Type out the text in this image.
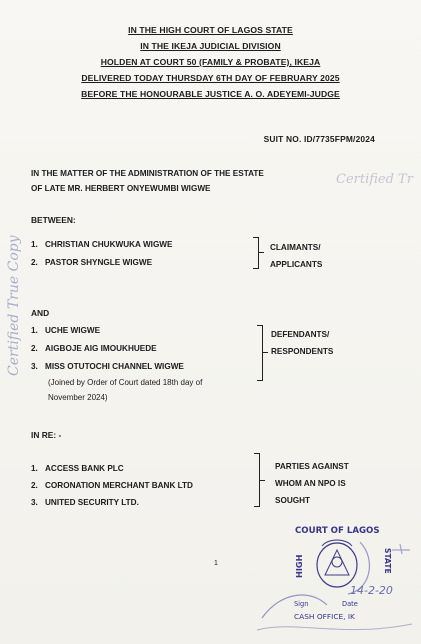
IN THE HIGH COURT OF LAGOS STATE
IN THE IKEJA JUDICIAL DIVISION
HOLDEN AT COURT 50 (FAMILY & PROBATE), IKEJA
DELIVERED TODAY THURSDAY 6TH DAY OF FEBRUARY 2025
BEFORE THE HONOURABLE JUSTICE A. O. ADEYEMI-JUDGE
SUIT NO. ID/7735FPM/2024
IN THE MATTER OF THE ADMINISTRATION OF THE ESTATE
OF LATE MR. HERBERT ONYEWUMBI WIGWE
Certified Tr
BETWEEN:
1. CHRISTIAN CHUKWUKA WIGWE
2. PASTOR SHYNGLE WIGWE
CLAIMANTS/
APPLICANTS
AND
1. UCHE WIGWE
2. AIGBOJE AIG IMOUKHUEDE
3. MISS OTUTOCHI CHANNEL WIGWE
(Joined by Order of Court dated 18th day of
November 2024)
DEFENDANTS/
RESPONDENTS
IN RE: -
1. ACCESS BANK PLC
2. CORONATION MERCHANT BANK LTD
3. UNITED SECURITY LTD.
PARTIES AGAINST
WHOM AN NPO IS
SOUGHT
1
Certified True Copy
COURT OF LAGOS
HIGH	STATE
Sign	Date
14-2-20
CASH OFFICE, IK
